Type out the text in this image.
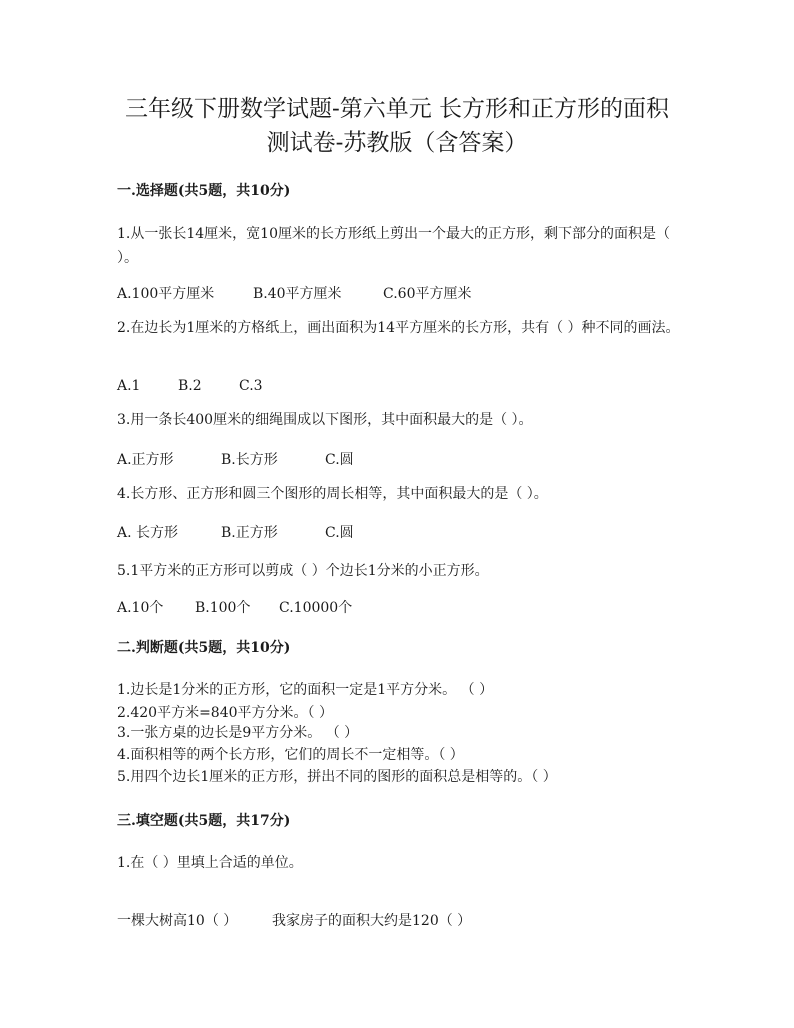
三年级下册数学试题-第六单元 长方形和正方形的面积
测试卷-苏教版（含答案）
一.选择题(共5题，共10分)
1.从一张长14厘米，宽10厘米的长方形纸上剪出一个最大的正方形，剩下部分的面积是（ ）。
A.100平方厘米	B.40平方厘米	C.60平方厘米
2.在边长为1厘米的方格纸上，画出面积为14平方厘米的长方形，共有（ ）种不同的画法。
A.1	B.2	C.3
3.用一条长400厘米的细绳围成以下图形，其中面积最大的是（ ）。
A.正方形	B.长方形	C.圆
4.长方形、正方形和圆三个图形的周长相等，其中面积最大的是（ ）。
A. 长方形	B.正方形	C.圆
5.1平方米的正方形可以剪成（ ）个边长1分米的小正方形。
A.10个 B.100个 C.10000个
二.判断题(共5题，共10分)
1.边长是1分米的正方形，它的面积一定是1平方分米。 （ ）
2.420平方米=840平方分米。（ ）
3.一张方桌的边长是9平方分米。 （ ）
4.面积相等的两个长方形，它们的周长不一定相等。（ ）
5.用四个边长1厘米的正方形，拼出不同的图形的面积总是相等的。（ ）
三.填空题(共5题，共17分)
1.在（ ）里填上合适的单位。
一棵大树高10（ ） 我家房子的面积大约是120（ ）
